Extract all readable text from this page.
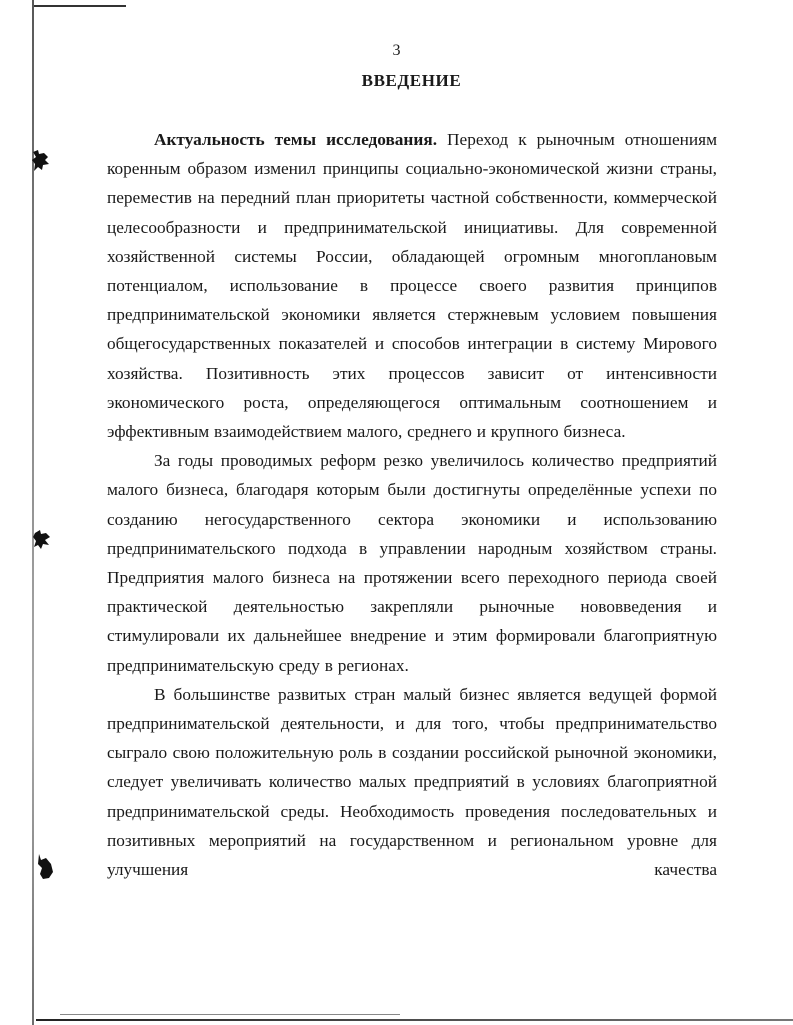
3
ВВЕДЕНИЕ

Актуальность темы исследования. Переход к рыночным отношениям коренным образом изменил принципы социально-экономической жизни страны, переместив на передний план приоритеты частной собственности, коммерческой целесообразности и предпринимательской инициативы. Для современной хозяйственной системы России, обладающей огромным многоплановым потенциалом, использование в процессе своего развития принципов предпринимательской экономики является стержневым условием повышения общегосударственных показателей и способов интеграции в систему Мирового хозяйства. Позитивность этих процессов зависит от интенсивности экономического роста, определяющегося оптимальным соотношением и эффективным взаимодействием малого, среднего и крупного бизнеса.

За годы проводимых реформ резко увеличилось количество предприятий малого бизнеса, благодаря которым были достигнуты определённые успехи по созданию негосударственного сектора экономики и использованию предпринимательского подхода в управлении народным хозяйством страны. Предприятия малого бизнеса на протяжении всего переходного периода своей практической деятельностью закрепляли рыночные нововведения и стимулировали их дальнейшее внедрение и этим формировали благоприятную предпринимательскую среду в регионах.

В большинстве развитых стран малый бизнес является ведущей формой предпринимательской деятельности, и для того, чтобы предпринимательство сыграло свою положительную роль в создании российской рыночной экономики, следует увеличивать количество малых предприятий в условиях благоприятной предпринимательской среды. Необходимость проведения последовательных и позитивных мероприятий на государственном и региональном уровне для улучшения качества
